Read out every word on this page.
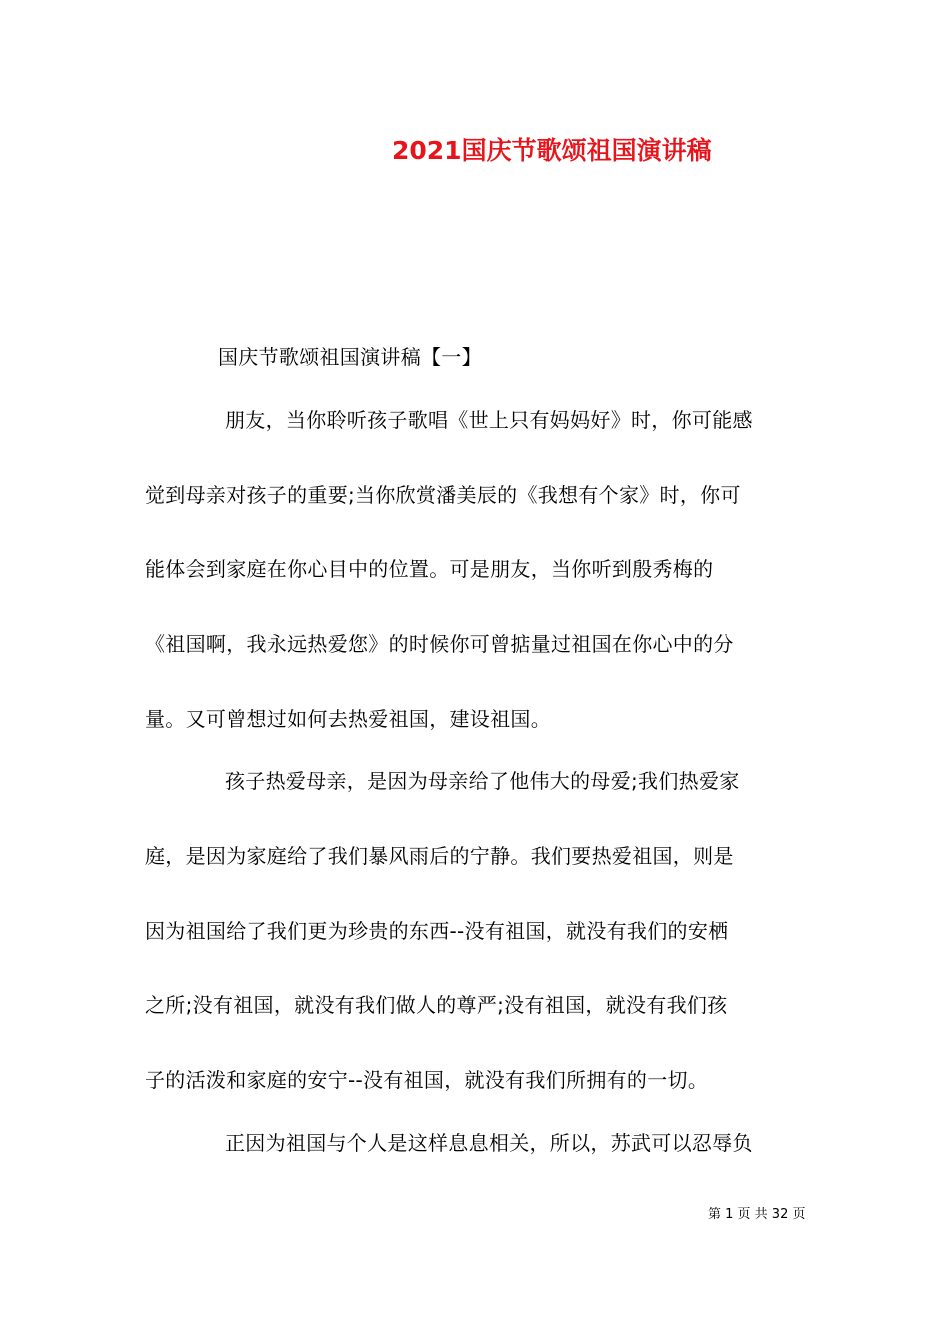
2021国庆节歌颂祖国演讲稿
国庆节歌颂祖国演讲稿【一】
朋友，当你聆听孩子歌唱《世上只有妈妈好》时，你可能感
觉到母亲对孩子的重要;当你欣赏潘美辰的《我想有个家》时，你可
能体会到家庭在你心目中的位置。可是朋友，当你听到殷秀梅的
《祖国啊，我永远热爱您》的时候你可曾掂量过祖国在你心中的分
量。又可曾想过如何去热爱祖国，建设祖国。
孩子热爱母亲，是因为母亲给了他伟大的母爱;我们热爱家
庭，是因为家庭给了我们暴风雨后的宁静。我们要热爱祖国，则是
因为祖国给了我们更为珍贵的东西--没有祖国，就没有我们的安栖
之所;没有祖国，就没有我们做人的尊严;没有祖国，就没有我们孩
子的活泼和家庭的安宁--没有祖国，就没有我们所拥有的一切。
正因为祖国与个人是这样息息相关，所以，苏武可以忍辱负
第 1 页 共 32 页
